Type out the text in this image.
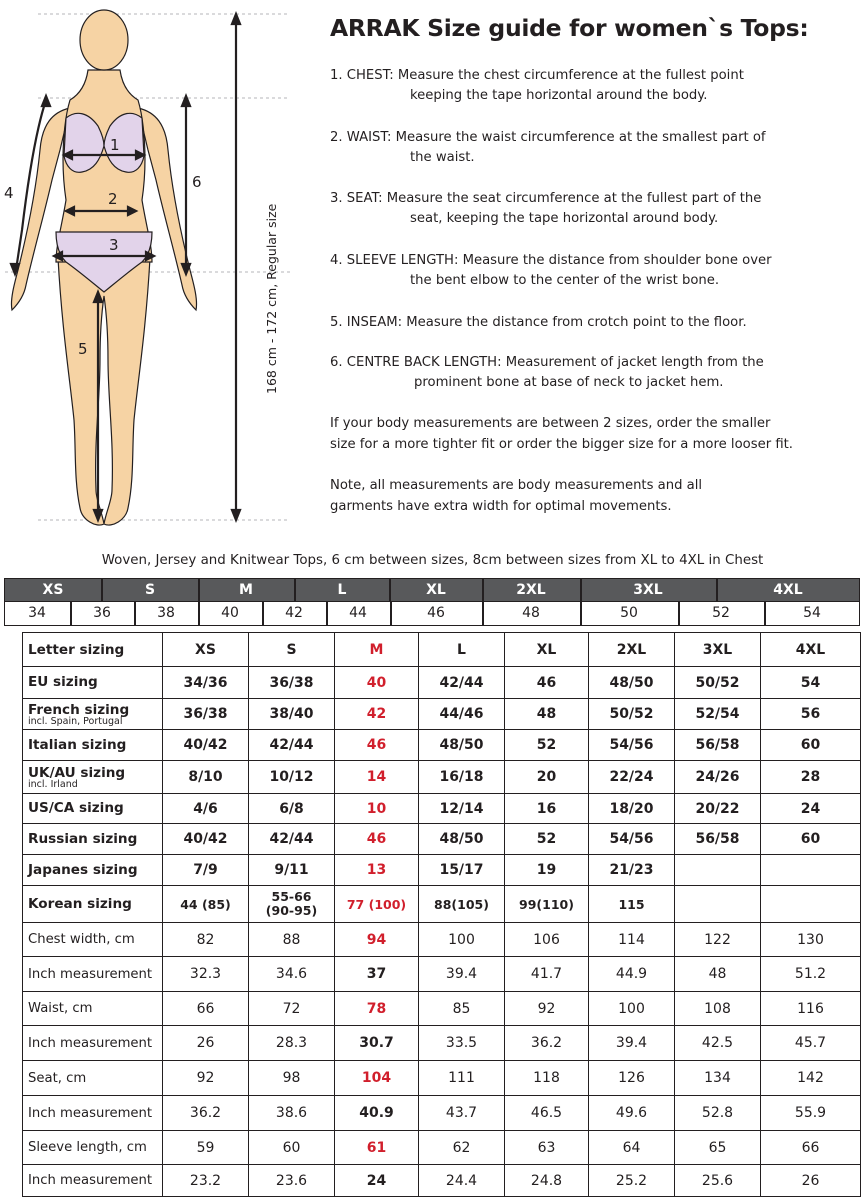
1
2
3
4
5
6
168 cm - 172 cm, Regular size
ARRAK Size guide for women`s Tops:
1. CHEST: Measure the chest circumference at the fullest point
keeping the tape horizontal around the body.
2. WAIST: Measure the waist circumference at the smallest part of
the waist.
3. SEAT: Measure the seat circumference at the fullest part of the
seat, keeping the tape horizontal around body.
4. SLEEVE LENGTH: Measure the distance from shoulder bone over
the bent elbow to the center of the wrist bone.
5. INSEAM: Measure the distance from crotch point to the floor.
6. CENTRE BACK LENGTH: Measurement of jacket length from the
prominent bone at base of neck to jacket hem.
If your body measurements are between 2 sizes, order the smaller
size for a more tighter fit or order the bigger size for a more looser fit.
Note, all measurements are body measurements and all
garments have extra width for optimal movements.
Woven, Jersey and Knitwear Tops, 6 cm between sizes, 8cm between sizes from XL to 4XL in Chest
XS	S	M	L	XL	2XL	3XL	4XL
34	36	38	40	42	44	46	48	50	52	54
Letter sizing	XS	S	M	L	XL	2XL	3XL	4XL

EU sizing	34/36	36/38	40	42/44	46	48/50	50/52	54

French sizing
incl. Spain, Portugal	36/38	38/40	42	44/46	48	50/52	52/54	56

Italian sizing	40/42	42/44	46	48/50	52	54/56	56/58	60

UK/AU sizing
incl. Irland	8/10	10/12	14	16/18	20	22/24	24/26	28

US/CA sizing	4/6	6/8	10	12/14	16	18/20	20/22	24

Russian sizing	40/42	42/44	46	48/50	52	54/56	56/58	60

Japanes sizing	7/9	9/11	13	15/17	19	21/23		

Korean sizing	44 (85)	55-66
(90-95)	77 (100)	88(105)	99(110)	115		
Chest width, cm	82	88	94	100	106	114	122	130
Inch measurement	32.3	34.6	37	39.4	41.7	44.9	48	51.2
Waist, cm	66	72	78	85	92	100	108	116
Inch measurement	26	28.3	30.7	33.5	36.2	39.4	42.5	45.7
Seat, cm	92	98	104	111	118	126	134	142
Inch measurement	36.2	38.6	40.9	43.7	46.5	49.6	52.8	55.9
Sleeve length, cm	59	60	61	62	63	64	65	66
Inch measurement	23.2	23.6	24	24.4	24.8	25.2	25.6	26
